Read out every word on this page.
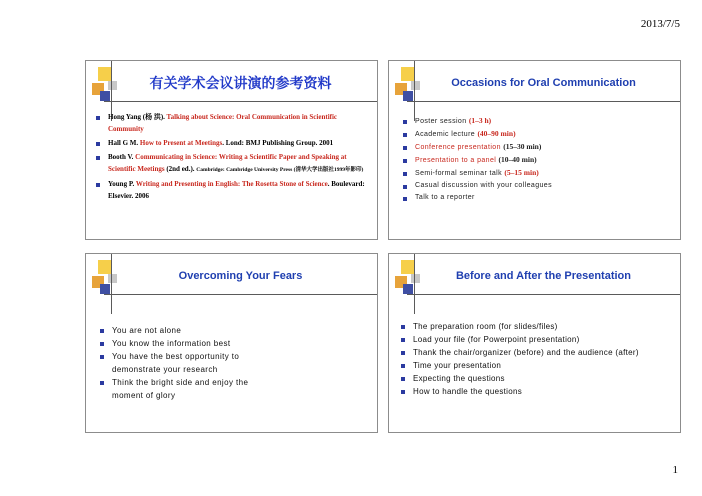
2013/7/5
有关学术会议讲演的参考资料
Hong Yang (杨 洪). Talking about Science: Oral Communication in Scientific Community
Hall G M. How to Present at Meetings. Lond: BMJ Publishing Group. 2001
Booth V. Communicating in Science: Writing a Scientific Paper and Speaking at Scientific Meetings (2nd ed.). Cambridge: Cambridge University Press (清华大学出版社1999年影印)
Young P. Writing and Presenting in English: The Rosetta Stone of Science. Boulevard: Elsevier. 2006
Occasions for Oral Communication
Poster session (1–3 h)
Academic lecture (40–90 min)
Conference presentation (15–30 min)
Presentation to a panel (10–40 min)
Semi-formal seminar talk (5–15 min)
Casual discussion with your colleagues
Talk to a reporter
Overcoming Your Fears
You are not alone
You know the information best
You have the best opportunity to demonstrate your research
Think the bright side and enjoy the moment of glory
Before and After the Presentation
The preparation room (for slides/files)
Load your file (for Powerpoint presentation)
Thank the chair/organizer (before) and the audience (after)
Time your presentation
Expecting the questions
How to handle the questions
1
